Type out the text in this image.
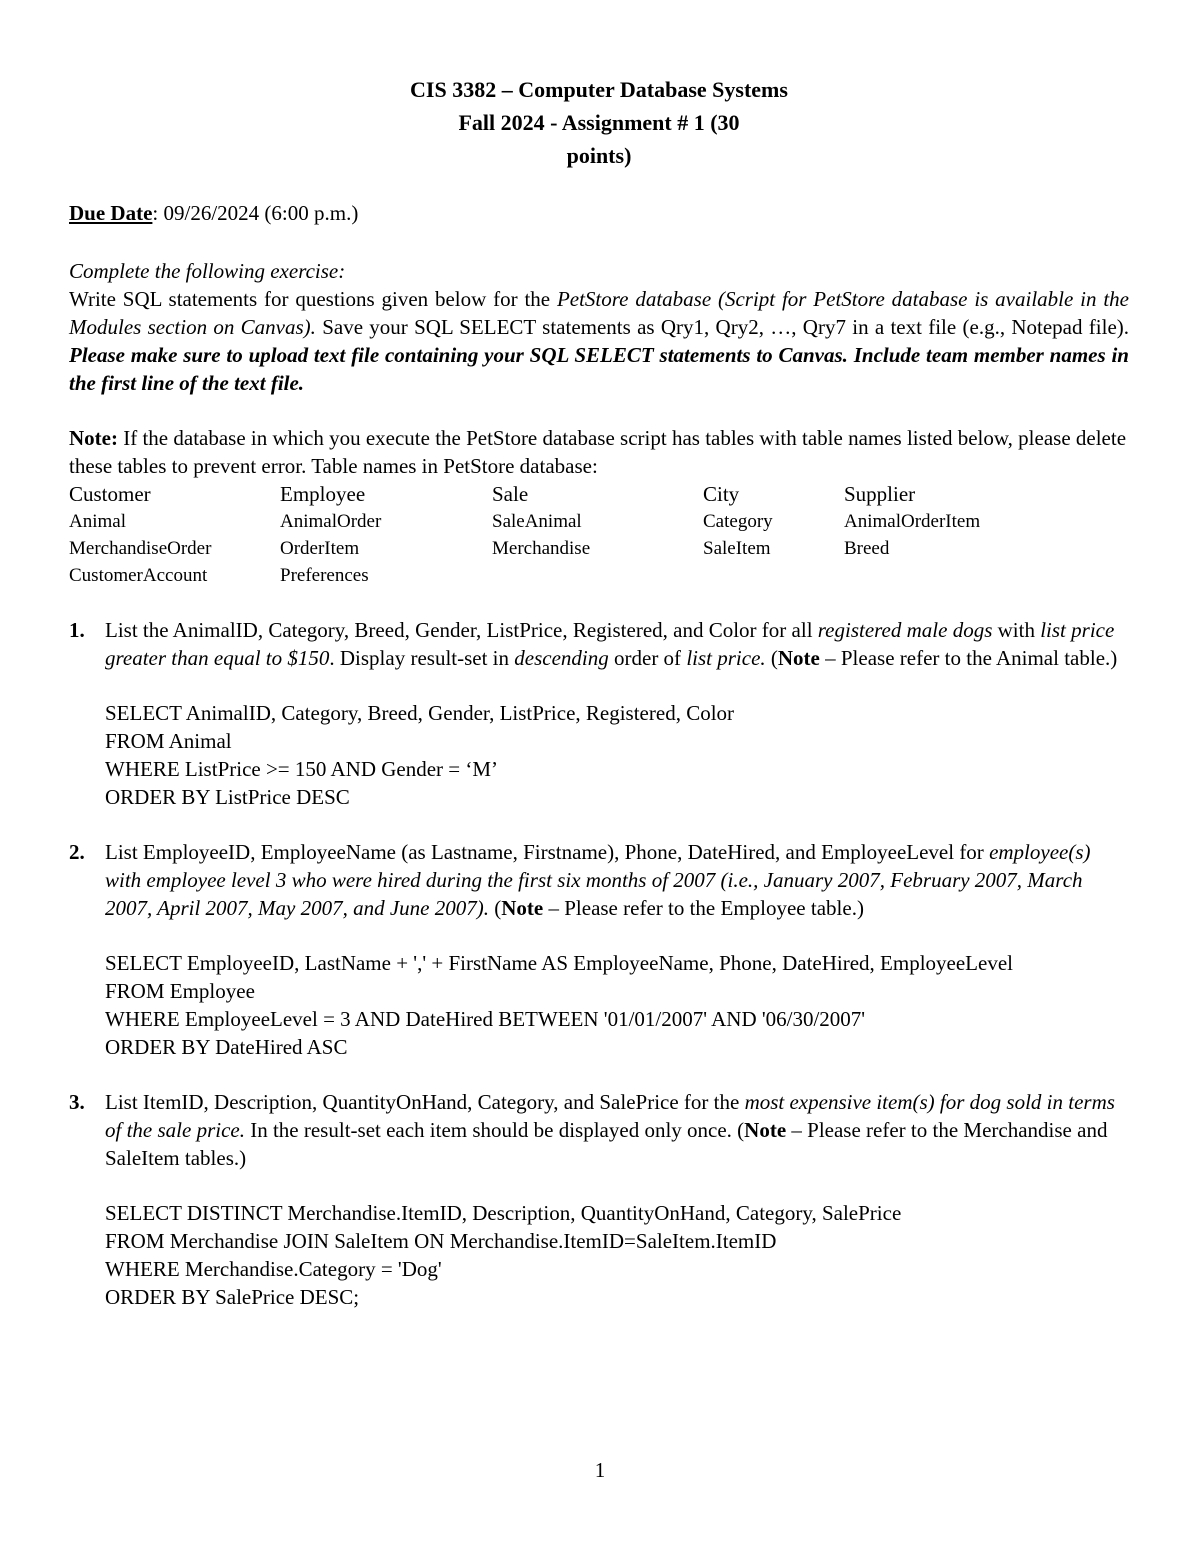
CIS 3382 – Computer Database Systems
Fall 2024 - Assignment # 1 (30
points)
Due Date: 09/26/2024 (6:00 p.m.)
Complete the following exercise:
Write SQL statements for questions given below for the PetStore database (Script for PetStore database is available in the Modules section on Canvas). Save your SQL SELECT statements as Qry1, Qry2, …, Qry7 in a text file (e.g., Notepad file). Please make sure to upload text file containing your SQL SELECT statements to Canvas. Include team member names in the first line of the text file.
Note: If the database in which you execute the PetStore database script has tables with table names listed below, please delete these tables to prevent error. Table names in PetStore database:
Customer	Employee	Sale	City	Supplier
Animal	AnimalOrder	SaleAnimal	Category	AnimalOrderItem
MerchandiseOrder	OrderItem	Merchandise	SaleItem	Breed
CustomerAccount	Preferences			
1. List the AnimalID, Category, Breed, Gender, ListPrice, Registered, and Color for all registered male dogs with list price greater than equal to $150. Display result-set in descending order of list price. (Note – Please refer to the Animal table.)
SELECT AnimalID, Category, Breed, Gender, ListPrice, Registered, Color
FROM Animal
WHERE ListPrice >= 150 AND Gender = ‘M’
ORDER BY ListPrice DESC
2. List EmployeeID, EmployeeName (as Lastname, Firstname), Phone, DateHired, and EmployeeLevel for employee(s) with employee level 3 who were hired during the first six months of 2007 (i.e., January 2007, February 2007, March 2007, April 2007, May 2007, and June 2007). (Note – Please refer to the Employee table.)
SELECT EmployeeID, LastName + ',' + FirstName AS EmployeeName, Phone, DateHired, EmployeeLevel
FROM Employee
WHERE EmployeeLevel = 3 AND DateHired BETWEEN '01/01/2007' AND '06/30/2007'
ORDER BY DateHired ASC
3. List ItemID, Description, QuantityOnHand, Category, and SalePrice for the most expensive item(s) for dog sold in terms of the sale price. In the result-set each item should be displayed only once. (Note – Please refer to the Merchandise and SaleItem tables.)
SELECT DISTINCT Merchandise.ItemID, Description, QuantityOnHand, Category, SalePrice
FROM Merchandise JOIN SaleItem ON Merchandise.ItemID=SaleItem.ItemID
WHERE Merchandise.Category = 'Dog'
ORDER BY SalePrice DESC;
1
